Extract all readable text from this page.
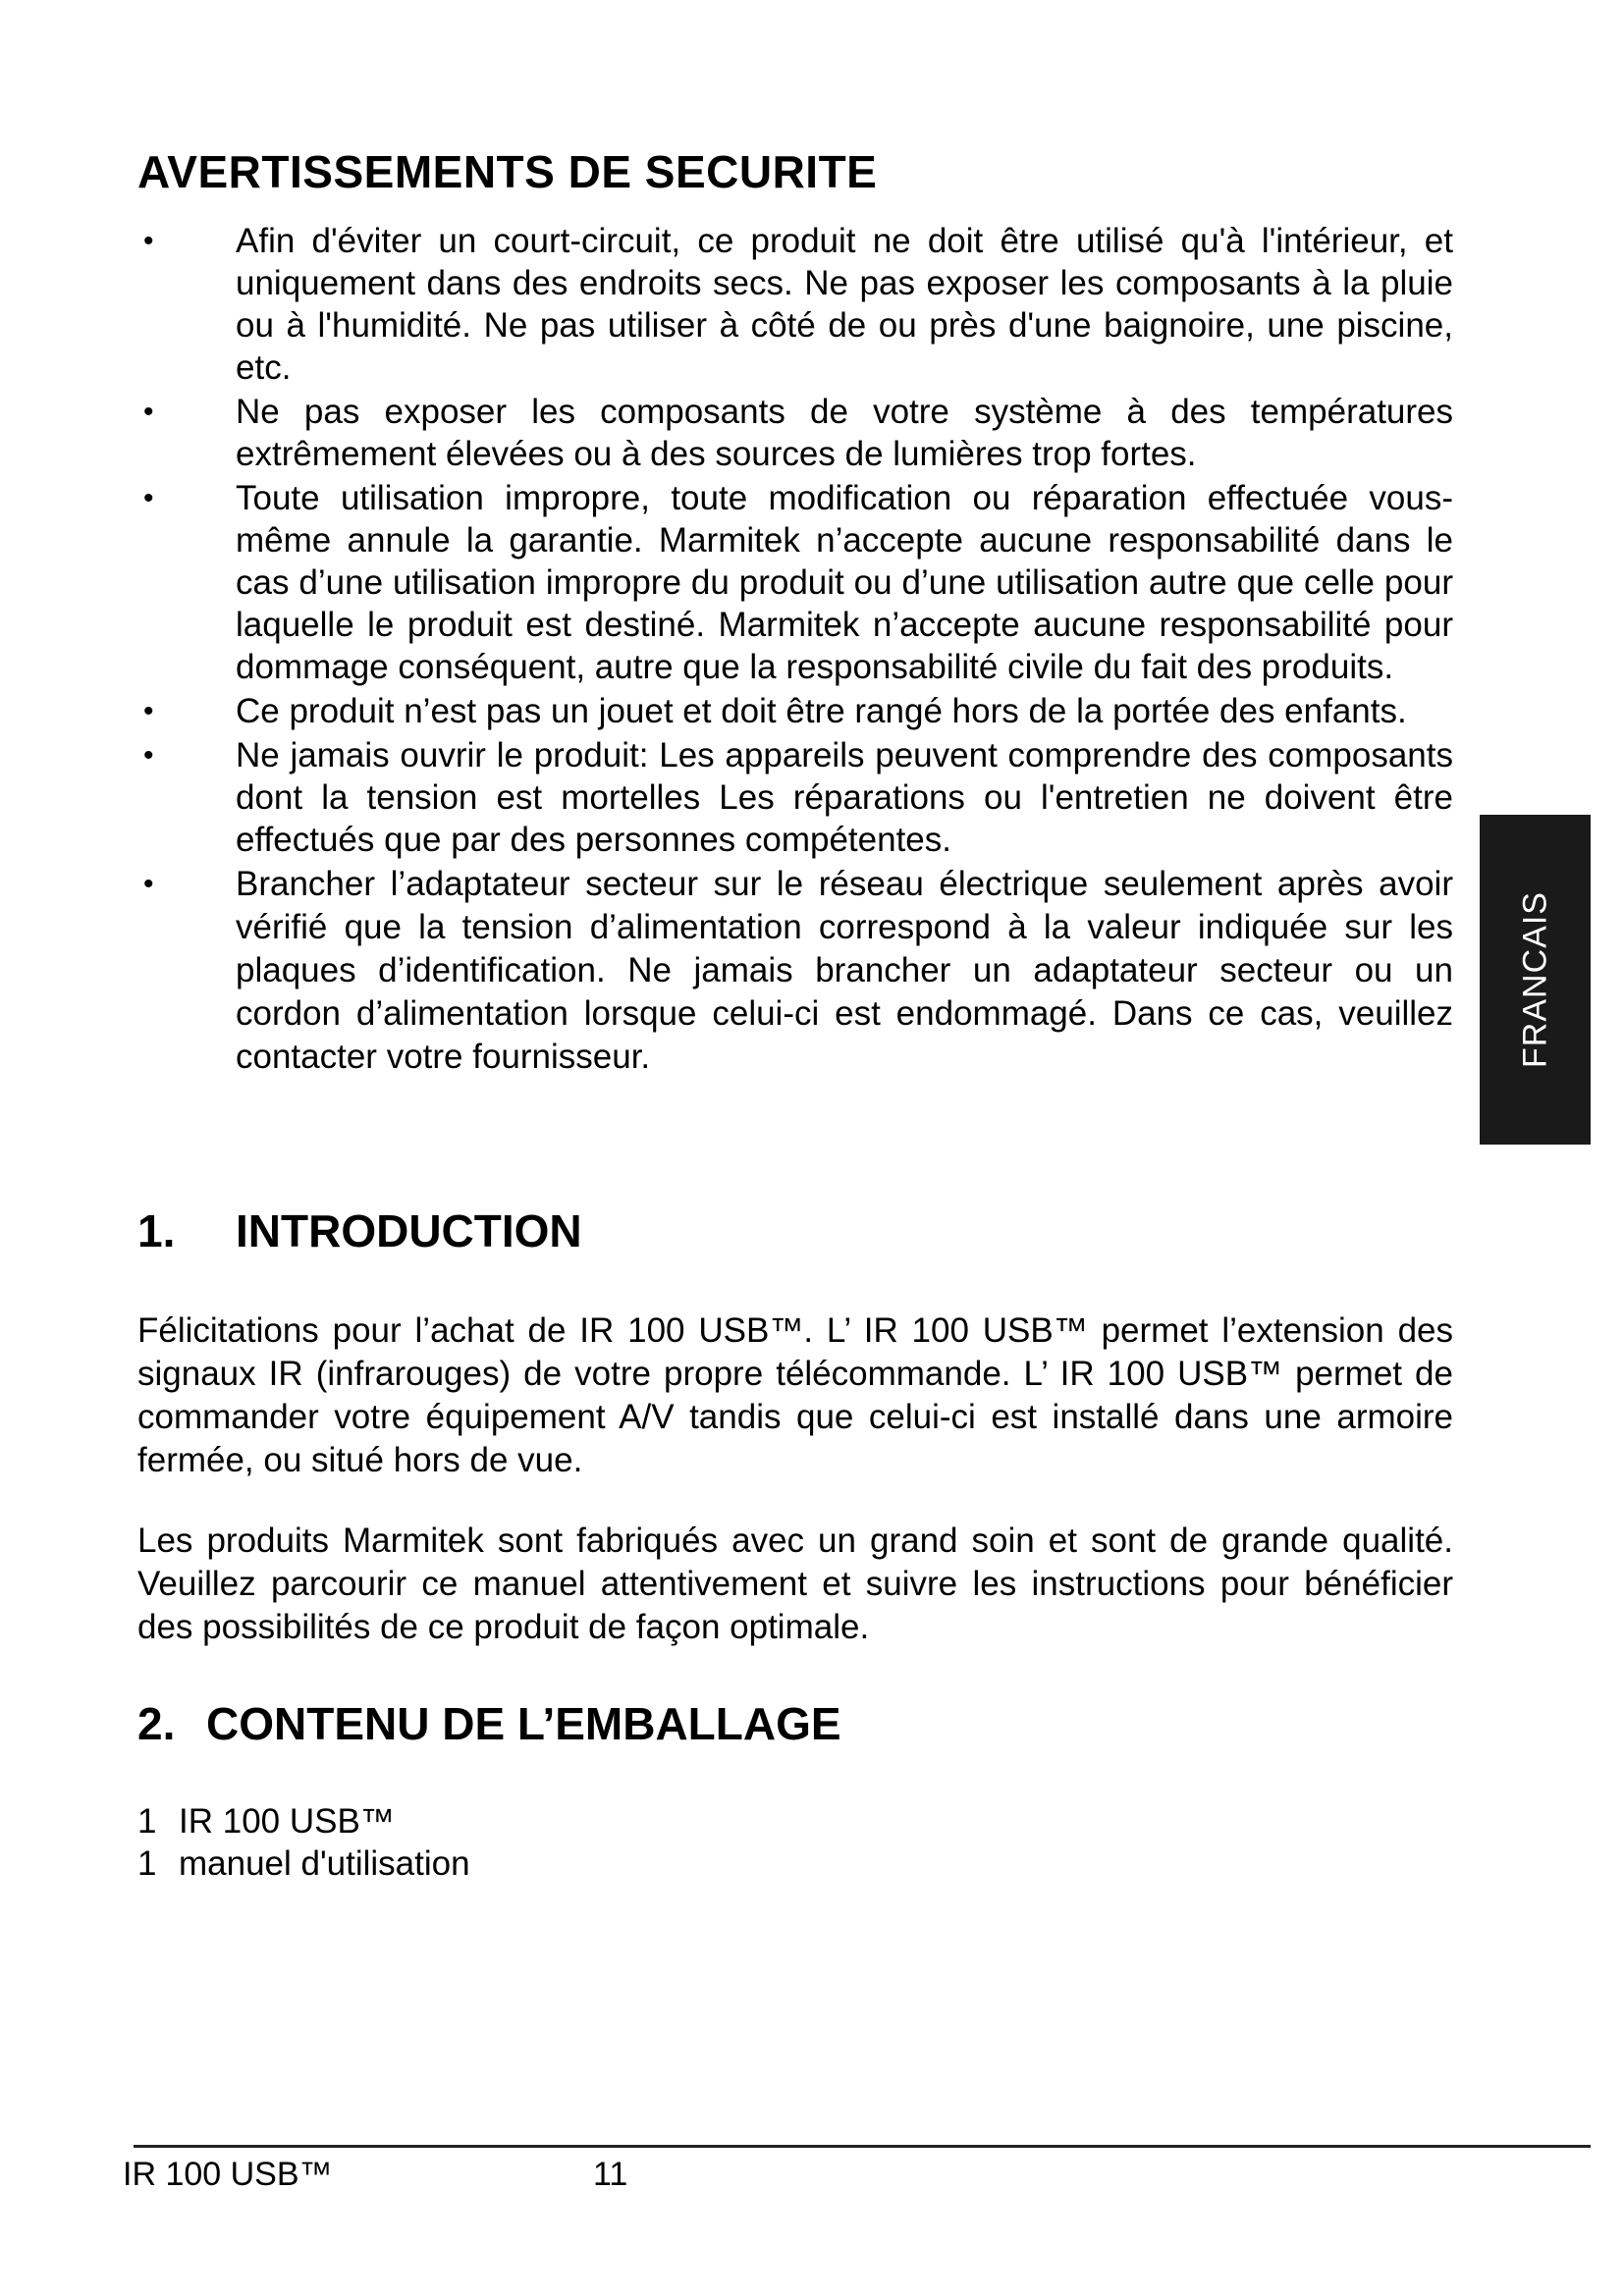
AVERTISSEMENTS DE SECURITE
• Afin d'éviter un court-circuit, ce produit ne doit être utilisé qu'à l'intérieur, et uniquement dans des endroits secs. Ne pas exposer les composants à la pluie ou à l'humidité. Ne pas utiliser à côté de ou près d'une baignoire, une piscine, etc.
• Ne pas exposer les composants de votre système à des températures extrêmement élevées ou à des sources de lumières trop fortes.
• Toute utilisation impropre, toute modification ou réparation effectuée vous-même annule la garantie. Marmitek n’accepte aucune responsabilité dans le cas d’une utilisation impropre du produit ou d’une utilisation autre que celle pour laquelle le produit est destiné. Marmitek n’accepte aucune responsabilité pour dommage conséquent, autre que la responsabilité civile du fait des produits.
• Ce produit n’est pas un jouet et doit être rangé hors de la portée des enfants.
• Ne jamais ouvrir le produit: Les appareils peuvent comprendre des composants dont la tension est mortelles Les réparations ou l'entretien ne doivent être effectués que par des personnes compétentes.
• Brancher l’adaptateur secteur sur le réseau électrique seulement après avoir vérifié que la tension d’alimentation correspond à la valeur indiquée sur les plaques d’identification. Ne jamais brancher un adaptateur secteur ou un cordon d’alimentation lorsque celui-ci est endommagé. Dans ce cas, veuillez contacter votre fournisseur.
1. INTRODUCTION

Félicitations pour l’achat de IR 100 USB™. L’ IR 100 USB™ permet l’extension des signaux IR (infrarouges) de votre propre télécommande. L’ IR 100 USB™ permet de commander votre équipement A/V tandis que celui-ci est installé dans une armoire fermée, ou situé hors de vue.

Les produits Marmitek sont fabriqués avec un grand soin et sont de grande qualité. Veuillez parcourir ce manuel attentivement et suivre les instructions pour bénéficier des possibilités de ce produit de façon optimale.

2. CONTENU DE L’EMBALLAGE
1 IR 100 USB™
1 manuel d'utilisation
FRANCAIS
IR 100 USB™	11
